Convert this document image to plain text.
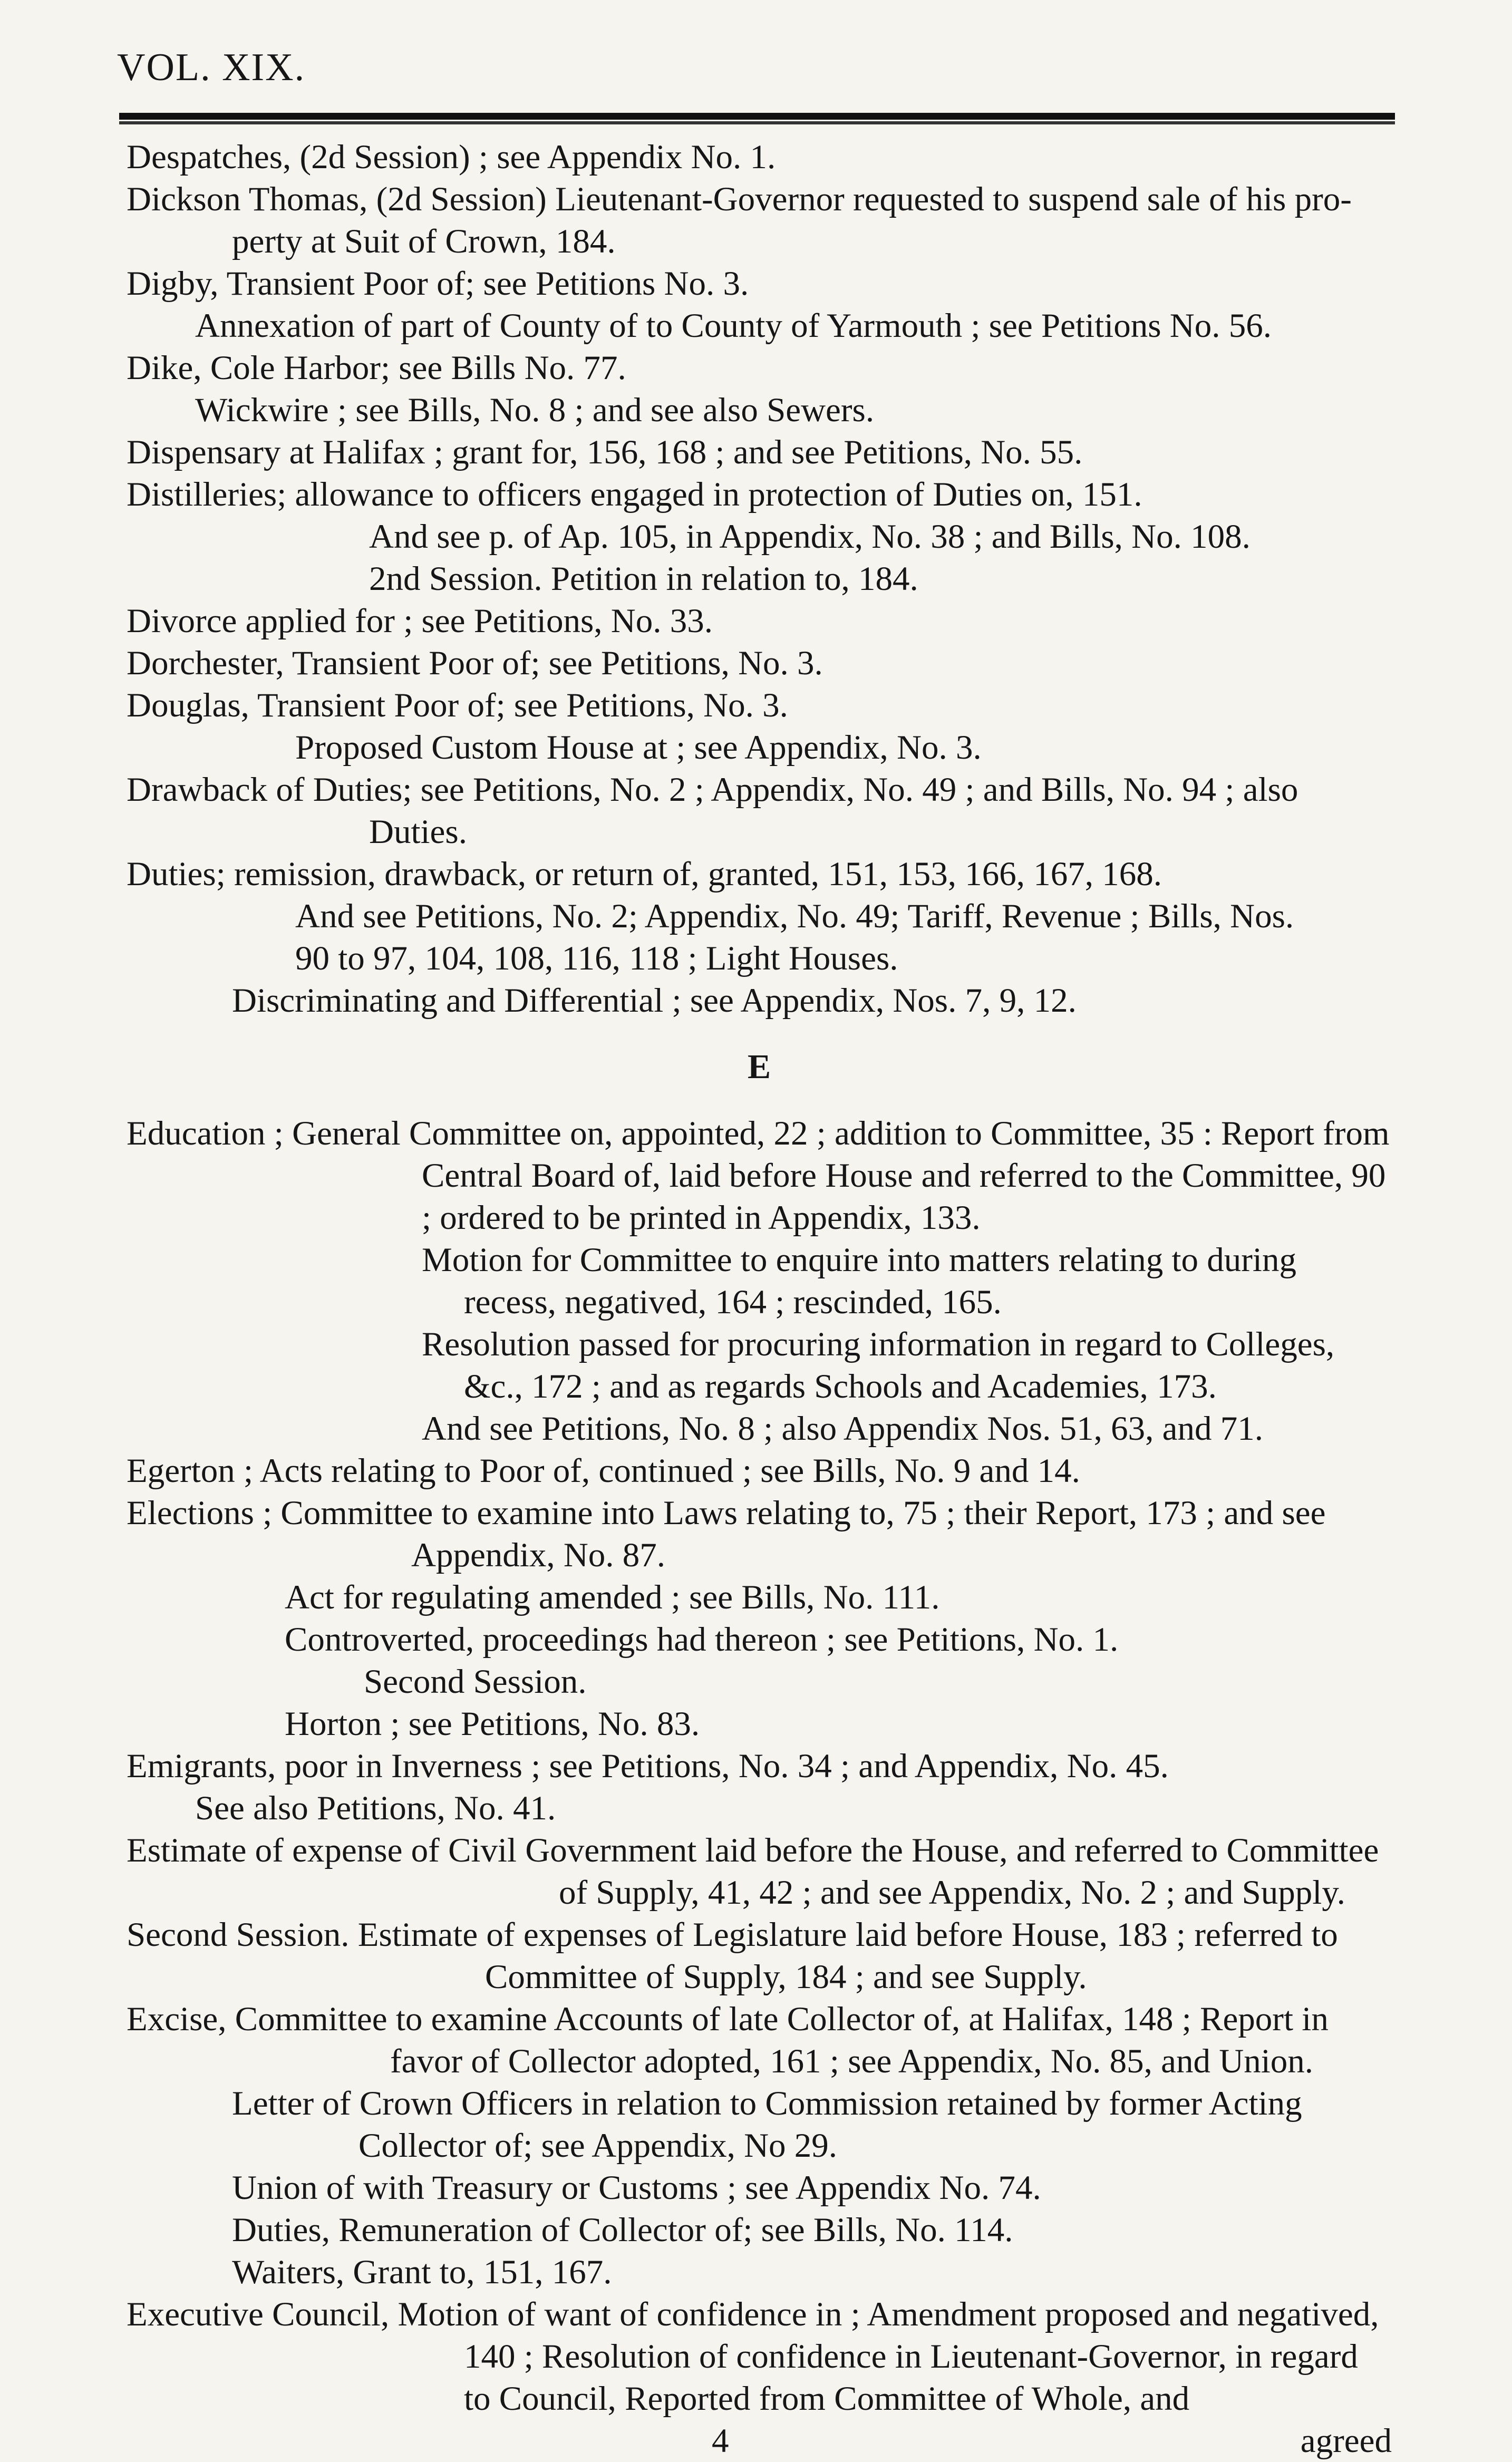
VOL. XIX.

Despatches, (2d Session) ; see Appendix No. 1.

Dickson Thomas, (2d Session) Lieutenant-Governor requested to suspend sale of his pro-

perty at Suit of Crown, 184.

Digby, Transient Poor of; see Petitions No. 3.

Annexation of part of County of to County of Yarmouth ; see Petitions No. 56.

Dike, Cole Harbor; see Bills No. 77.

Wickwire ; see Bills, No. 8 ; and see also Sewers.

Dispensary at Halifax ; grant for, 156, 168 ; and see Petitions, No. 55.

Distilleries; allowance to officers engaged in protection of Duties on, 151.

And see p. of Ap. 105, in Appendix, No. 38 ; and Bills, No. 108.

2nd Session. Petition in relation to, 184.

Divorce applied for ; see Petitions, No. 33.

Dorchester, Transient Poor of; see Petitions, No. 3.

Douglas, Transient Poor of; see Petitions, No. 3.

Proposed Custom House at ; see Appendix, No. 3.

Drawback of Duties; see Petitions, No. 2 ; Appendix, No. 49 ; and Bills, No. 94 ; also

Duties.

Duties; remission, drawback, or return of, granted, 151, 153, 166, 167, 168.

And see Petitions, No. 2; Appendix, No. 49; Tariff, Revenue ; Bills, Nos.

90 to 97, 104, 108, 116, 118 ; Light Houses.

Discriminating and Differential ; see Appendix, Nos. 7, 9, 12.

E

Education ; General Committee on, appointed, 22 ; addition to Committee, 35 : Report from Central Board of, laid before House and referred to the Committee, 90 ; ordered to be printed in Appendix, 133.

Motion for Committee to enquire into matters relating to during recess, negatived, 164 ; rescinded, 165.

Resolution passed for procuring information in regard to Colleges, &c., 172 ; and as regards Schools and Academies, 173.

And see Petitions, No. 8 ; also Appendix Nos. 51, 63, and 71.

Egerton ; Acts relating to Poor of, continued ; see Bills, No. 9 and 14.

Elections ; Committee to examine into Laws relating to, 75 ; their Report, 173 ; and see Appendix, No. 87.

Act for regulating amended ; see Bills, No. 111.

Controverted, proceedings had thereon ; see Petitions, No. 1.

Second Session.

Horton ; see Petitions, No. 83.

Emigrants, poor in Inverness ; see Petitions, No. 34 ; and Appendix, No. 45.

See also Petitions, No. 41.

Estimate of expense of Civil Government laid before the House, and referred to Committee of Supply, 41, 42 ; and see Appendix, No. 2 ; and Supply.

Second Session. Estimate of expenses of Legislature laid before House, 183 ; referred to Committee of Supply, 184 ; and see Supply.

Excise, Committee to examine Accounts of late Collector of, at Halifax, 148 ; Report in favor of Collector adopted, 161 ; see Appendix, No. 85, and Union.

Letter of Crown Officers in relation to Commission retained by former Acting Collector of; see Appendix, No 29.

Union of with Treasury or Customs ; see Appendix No. 74.

Duties, Remuneration of Collector of; see Bills, No. 114.

Waiters, Grant to, 151, 167.

Executive Council, Motion of want of confidence in ; Amendment proposed and negatived, 140 ; Resolution of confidence in Lieutenant-Governor, in regard to Council, Reported from Committee of Whole, and

4	agreed
